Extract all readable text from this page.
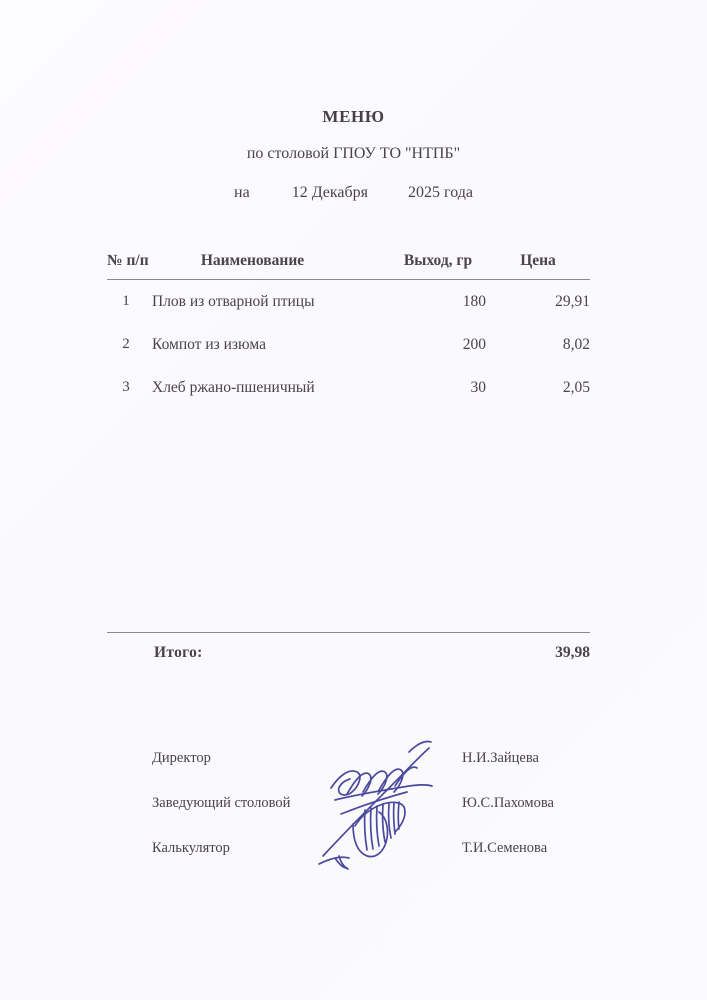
МЕНЮ
по столовой ГПОУ ТО "НТПБ"
на	12 Декабря	2025 года
№ п/п	Наименование	Выход, гр	Цена
1	Плов из отварной птицы	180	29,91
2	Компот из изюма	200	8,02
3	Хлеб ржано-пшеничный	30	2,05
Итого:	39,98
Директор	Н.И.Зайцева
Заведующий столовой	Ю.С.Пахомова
Калькулятор	Т.И.Семенова
